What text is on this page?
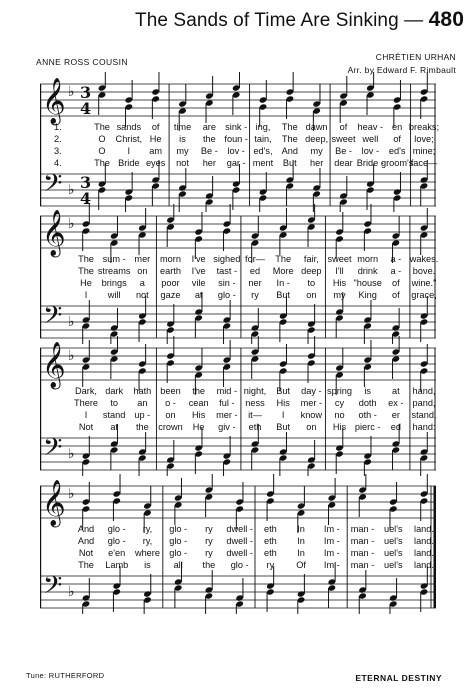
The Sands of Time Are Sinking — 480
ANNE ROSS COUSIN	CHRÉTIEN URHAN
Arr. by Edward F. Rimbault
𝄞 ♭ 3
4
𝄢 ♭ 3
4
1.	The sands of time are sink - ing, The dawn of heav - en breaks;
2.	O Christ, He is the foun - tain, The deep, sweet well of love;
3.	O I am my Be - lov - ed's, And my Be - lov - ed's mine;
4.	The Bride eyes not her gar - ment But her dear Bride -
groom's
face—
𝄞 ♭
𝄢 ♭
The sum - mer morn I've sighed for— The fair, sweet morn a - wakes.
The streams on earth I've tast - ed More deep I'll drink a - bove.
He brings a poor vile sin - ner In - to His "house of wine."
I will not gaze at glo - ry But on my King of grace,
𝄞 ♭
𝄢 ♭
Dark, dark hath been the mid - night, But day - spring is at hand,
There to an o - cean ful - ness His mer - cy doth ex - pand,
I stand up - on His mer - it— I know no oth - er stand,
Not at the crown He giv - eth But on His pierc - ed hand:
𝄞 ♭
𝄢 ♭
And glo - ry, glo - ry dwell - eth In Im - man - uel's land.
And glo - ry, glo - ry dwell - eth In Im - man - uel's land.
Not e'en where glo - ry dwell - eth In Im - man - uel's land.
The Lamb is all the glo - ry Of Im - man - uel's land.
Tune: RUTHERFORD	ETERNAL DESTINY
